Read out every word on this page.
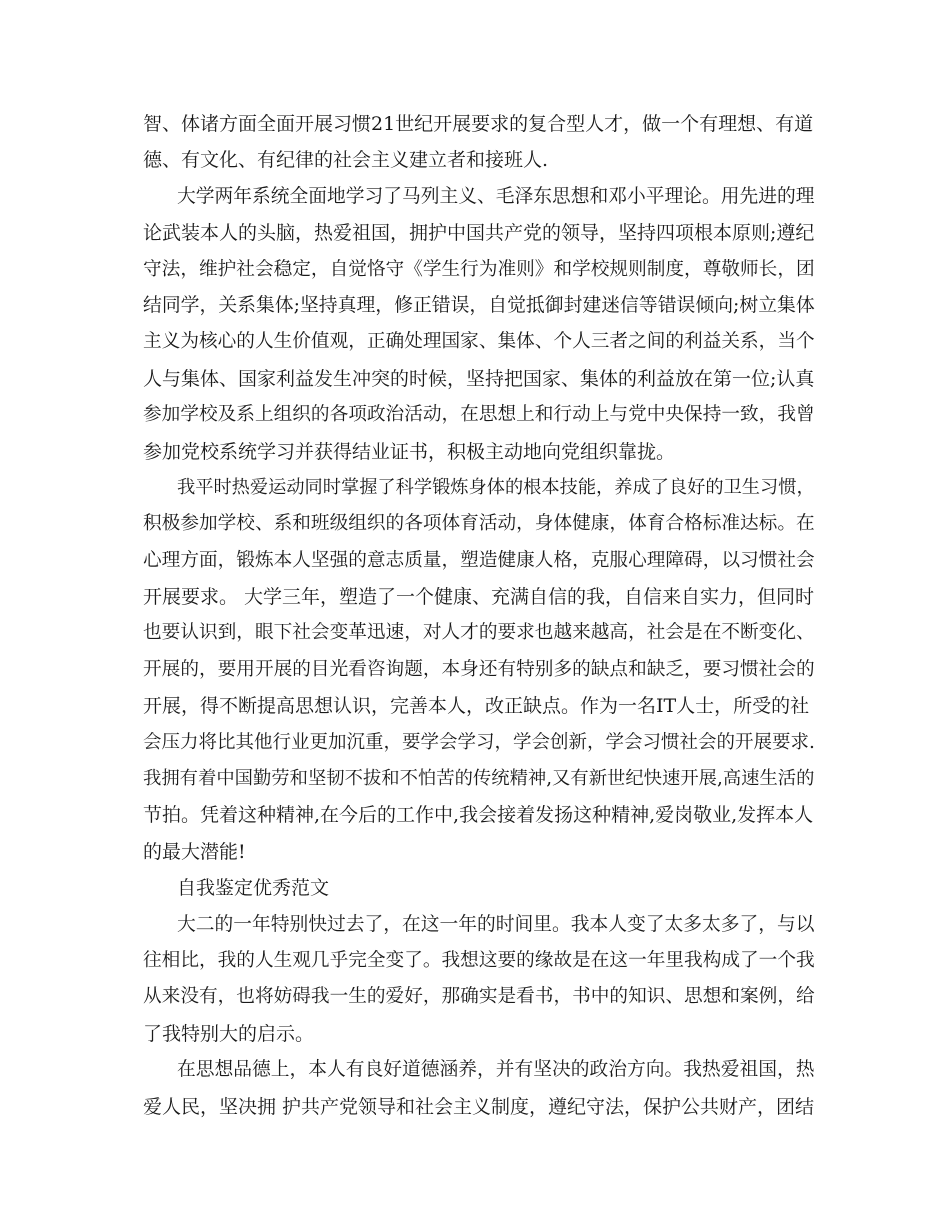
智、体诸方面全面开展习惯21世纪开展要求的复合型人才，做一个有理想、有道
德、有文化、有纪律的社会主义建立者和接班人.
大学两年系统全面地学习了马列主义、毛泽东思想和邓小平理论。用先进的理
论武装本人的头脑，热爱祖国，拥护中国共产党的领导，坚持四项根本原则;遵纪
守法，维护社会稳定，自觉恪守《学生行为准则》和学校规则制度，尊敬师长，团
结同学，关系集体;坚持真理，修正错误，自觉抵御封建迷信等错误倾向;树立集体
主义为核心的人生价值观，正确处理国家、集体、个人三者之间的利益关系，当个
人与集体、国家利益发生冲突的时候，坚持把国家、集体的利益放在第一位;认真
参加学校及系上组织的各项政治活动，在思想上和行动上与党中央保持一致，我曾
参加党校系统学习并获得结业证书，积极主动地向党组织靠拢。
我平时热爱运动同时掌握了科学锻炼身体的根本技能，养成了良好的卫生习惯，
积极参加学校、系和班级组织的各项体育活动，身体健康，体育合格标准达标。在
心理方面，锻炼本人坚强的意志质量，塑造健康人格，克服心理障碍，以习惯社会
开展要求。 大学三年，塑造了一个健康、充满自信的我，自信来自实力，但同时
也要认识到，眼下社会变革迅速，对人才的要求也越来越高，社会是在不断变化、
开展的，要用开展的目光看咨询题，本身还有特别多的缺点和缺乏，要习惯社会的
开展，得不断提高思想认识，完善本人，改正缺点。作为一名IT人士，所受的社
会压力将比其他行业更加沉重，要学会学习，学会创新，学会习惯社会的开展要求.
我拥有着中国勤劳和坚韧不拔和不怕苦的传统精神,又有新世纪快速开展,高速生活的
节拍。凭着这种精神,在今后的工作中,我会接着发扬这种精神,爱岗敬业,发挥本人
的最大潜能!
自我鉴定优秀范文
大二的一年特别快过去了，在这一年的时间里。我本人变了太多太多了，与以
往相比，我的人生观几乎完全变了。我想这要的缘故是在这一年里我构成了一个我
从来没有，也将妨碍我一生的爱好，那确实是看书，书中的知识、思想和案例，给
了我特别大的启示。
在思想品德上，本人有良好道德涵养，并有坚决的政治方向。我热爱祖国，热
爱人民，坚决拥 护共产党领导和社会主义制度，遵纪守法，保护公共财产，团结
